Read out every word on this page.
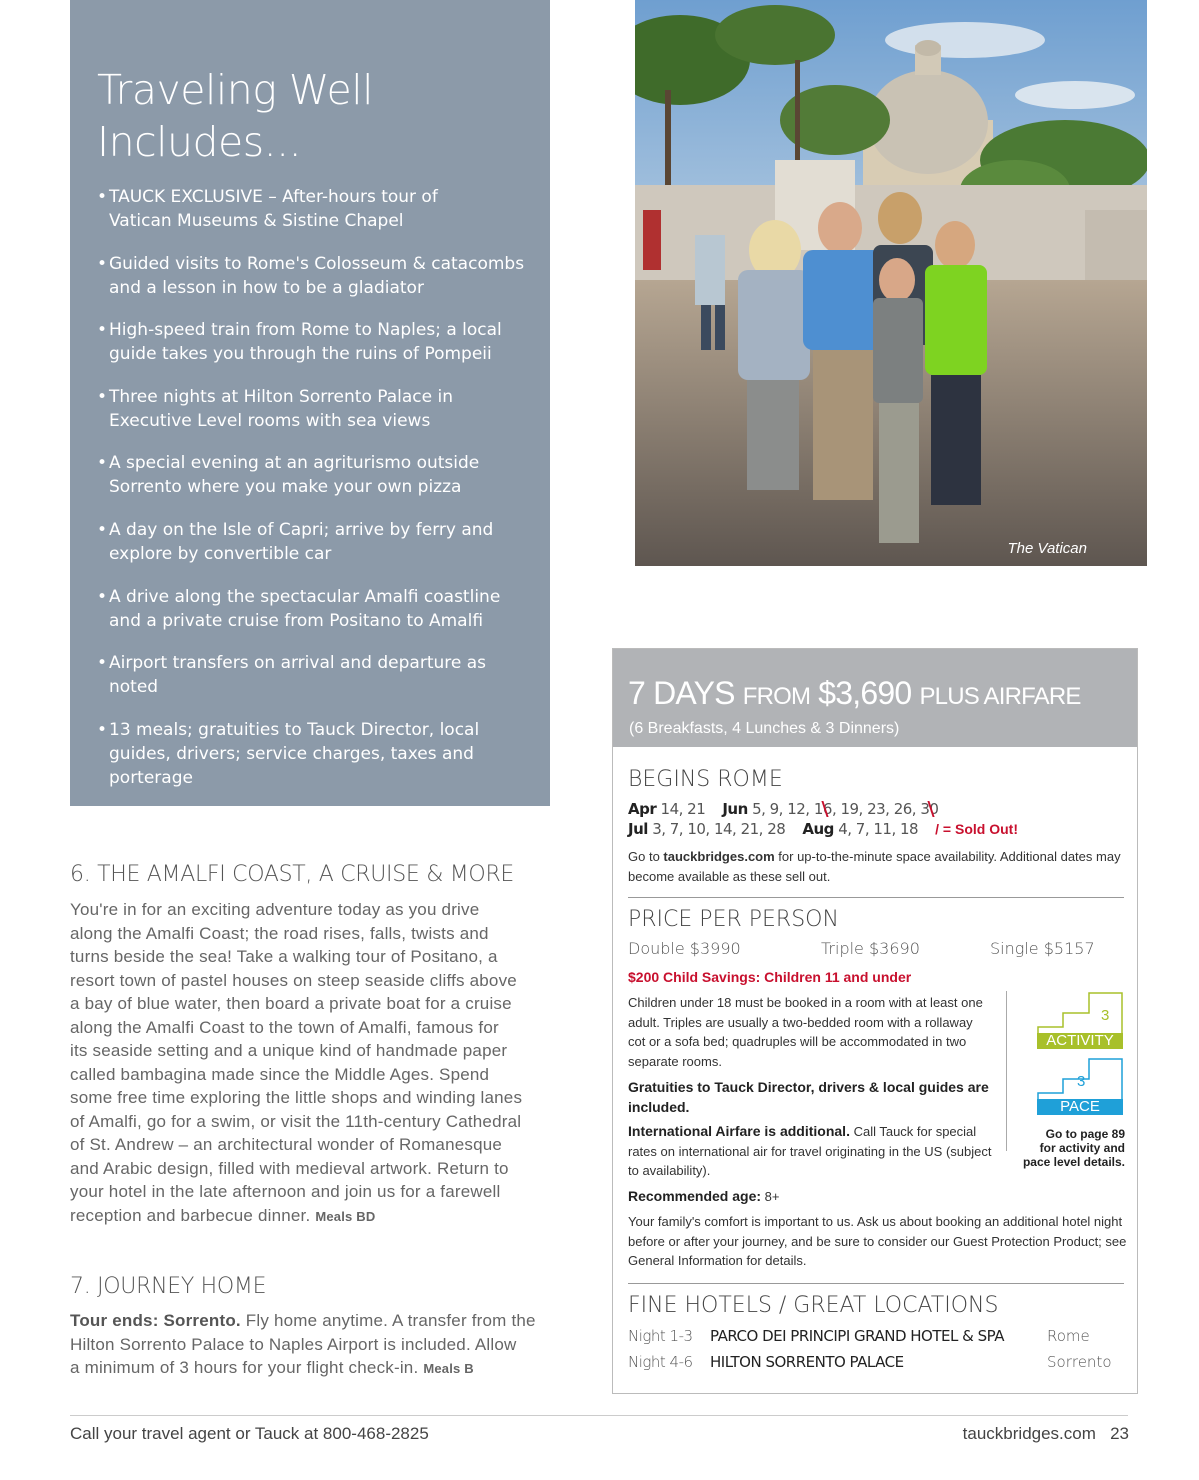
Traveling Well
Includes...
• TAUCK EXCLUSIVE – After-hours tour of
Vatican Museums & Sistine Chapel
• Guided visits to Rome's Colosseum & catacombs
and a lesson in how to be a gladiator
• High-speed train from Rome to Naples; a local
guide takes you through the ruins of Pompeii
• Three nights at Hilton Sorrento Palace in
Executive Level rooms with sea views
• A special evening at an agriturismo outside
Sorrento where you make your own pizza
• A day on the Isle of Capri; arrive by ferry and
explore by convertible car
• A drive along the spectacular Amalfi coastline
and a private cruise from Positano to Amalfi
• Airport transfers on arrival and departure as
noted
• 13 meals; gratuities to Tauck Director, local
guides, drivers; service charges, taxes and
porterage
The Vatican
6. THE AMALFI COAST, A CRUISE & MORE

You're in for an exciting adventure today as you drive
along the Amalfi Coast; the road rises, falls, twists and
turns beside the sea! Take a walking tour of Positano, a
resort town of pastel houses on steep seaside cliffs above
a bay of blue water, then board a private boat for a cruise
along the Amalfi Coast to the town of Amalfi, famous for
its seaside setting and a unique kind of handmade paper
called bambagina made since the Middle Ages. Spend
some free time exploring the little shops and winding lanes
of Amalfi, go for a swim, or visit the 11th-century Cathedral
of St. Andrew – an architectural wonder of Romanesque
and Arabic design, filled with medieval artwork. Return to
your hotel in the late afternoon and join us for a farewell
reception and barbecue dinner. Meals BD

7. JOURNEY HOME

Tour ends: Sorrento. Fly home anytime. A transfer from the
Hilton Sorrento Palace to Naples Airport is included. Allow
a minimum of 3 hours for your flight check-in. Meals B

7 DAYS FROM $3,690 PLUS AIRFARE
(6 Breakfasts, 4 Lunches & 3 Dinners)
BEGINS ROME
Apr 14, 21 Jun 5, 9, 12, 16, 19, 23, 26, 30
Jul 3, 7, 10, 14, 21, 28 Aug 4, 7, 11, 18 / = Sold Out!
Go to tauckbridges.com for up-to-the-minute space availability. Additional dates may
become available as these sell out.
PRICE PER PERSON
Double $3990	Triple $3690	Single $5157
$200 Child Savings: Children 11 and under
Children under 18 must be booked in a room with at least one
adult. Triples are usually a two-bedded room with a rollaway
cot or a sofa bed; quadruples will be accommodated in two
separate rooms.
Gratuities to Tauck Director, drivers & local guides are
included.
International Airfare is additional. Call Tauck for special
rates on international air for travel originating in the US (subject
to availability).
Recommended age: 8+
Your family's comfort is important to us. Ask us about booking an additional hotel night
before or after your journey, and be sure to consider our Guest Protection Product; see
General Information for details.
3
ACTIVITY
3
PACE
Go to page 89
for activity and
pace level details.
FINE HOTELS / GREAT LOCATIONS
Night 1-3 PARCO DEI PRINCIPI GRAND HOTEL & SPA	Rome
Night 4-6 HILTON SORRENTO PALACE	Sorrento
Call your travel agent or Tauck at 800-468-2825	tauckbridges.com 23
